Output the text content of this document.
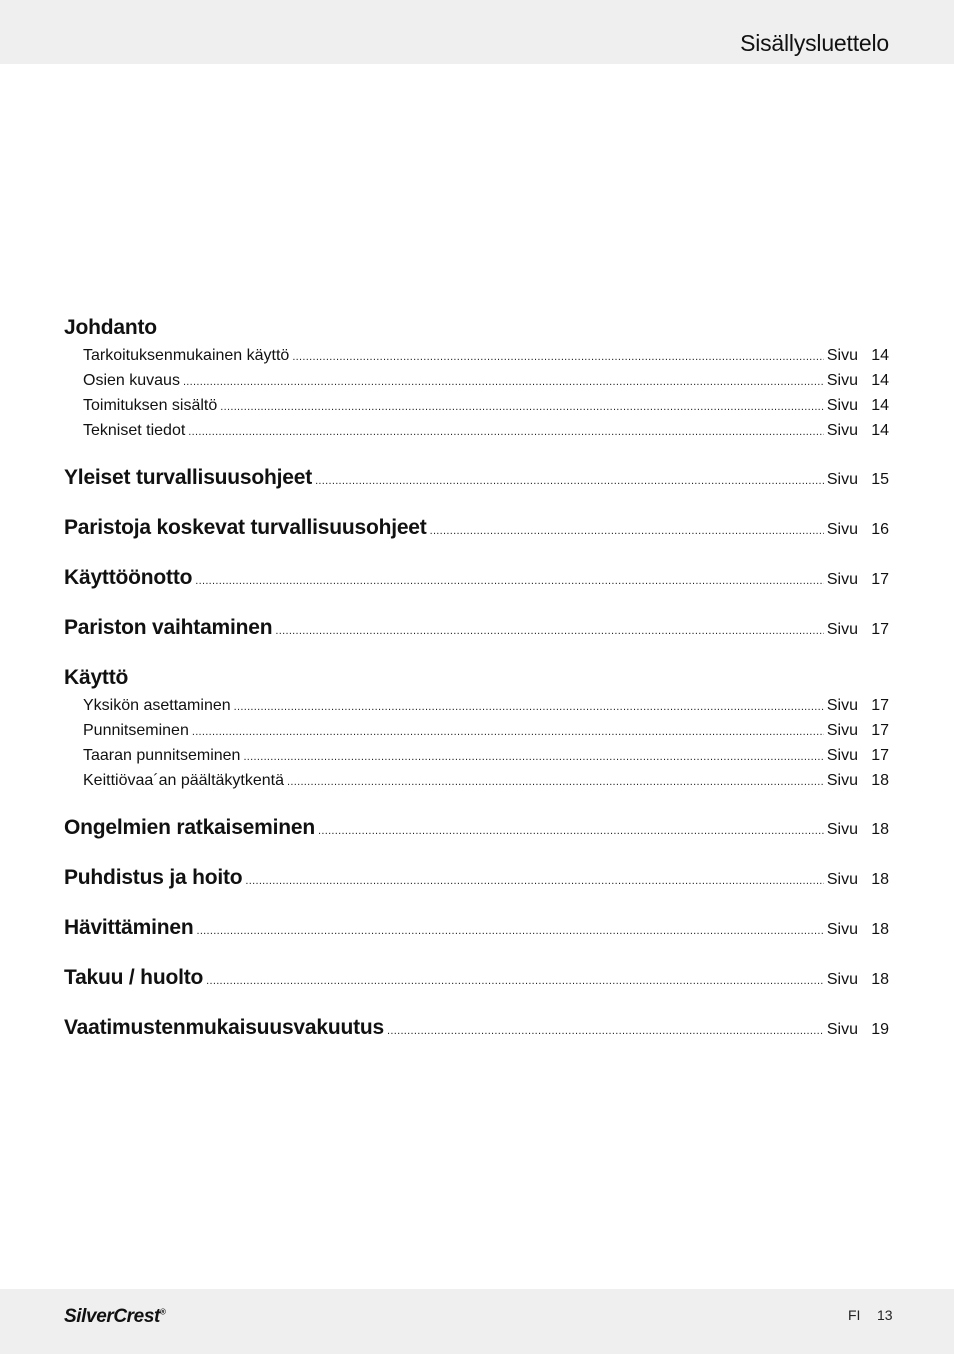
Sisällysluettelo
Johdanto
Tarkoituksenmukainen käyttö .....	Sivu 14
Osien kuvaus .....	Sivu 14
Toimituksen sisältö .....	Sivu 14
Tekniset tiedot .....	Sivu 14
Yleiset turvallisuusohjeet .....	Sivu 15
Paristoja koskevat turvallisuusohjeet .....	Sivu 16
Käyttöönotto .....	Sivu 17
Pariston vaihtaminen .....	Sivu 17
Käyttö
Yksikön asettaminen .....	Sivu 17
Punnitseminen .....	Sivu 17
Taaran punnitseminen .....	Sivu 17
Keittiövaa´an päältäkytkentä .....	Sivu 18
Ongelmien ratkaiseminen .....	Sivu 18
Puhdistus ja hoito .....	Sivu 18
Hävittäminen .....	Sivu 18
Takuu / huolto .....	Sivu 18
Vaatimustenmukaisuusvakuutus .....	Sivu 19
SilverCrest®	FI 13
